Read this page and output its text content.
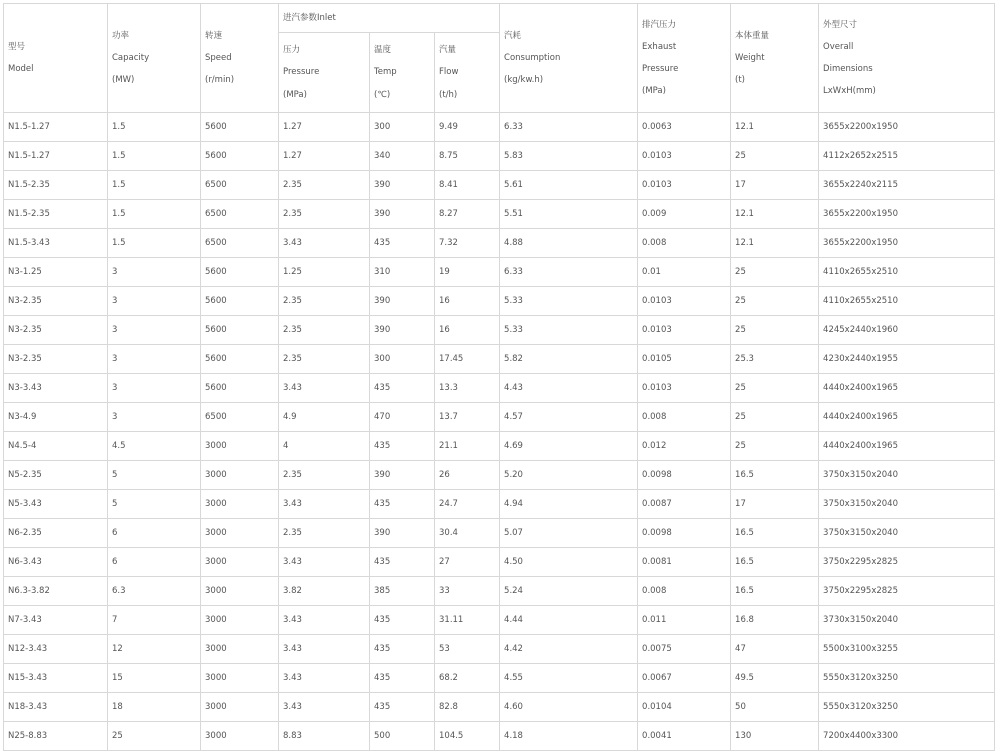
型号
Model	功率
Capacity
(MW)	转速
Speed
(r/min)	进汽参数Inlet			汽耗
Consumption
(kg/kw.h)	排汽压力
Exhaust
Pressure
(MPa)	本体重量
Weight
(t)	外型尺寸
Overall
Dimensions
LxWxH(mm)

			压力
Pressure
(MPa)	温度
Temp
(℃)	汽量
Flow
(t/h)				

N1.5-1.27	1.5	5600	1.27	300	9.49	6.33	0.0063	12.1	3655x2200x1950
N1.5-1.27	1.5	5600	1.27	340	8.75	5.83	0.0103	25	4112x2652x2515
N1.5-2.35	1.5	6500	2.35	390	8.41	5.61	0.0103	17	3655x2240x2115
N1.5-2.35	1.5	6500	2.35	390	8.27	5.51	0.009	12.1	3655x2200x1950
N1.5-3.43	1.5	6500	3.43	435	7.32	4.88	0.008	12.1	3655x2200x1950
N3-1.25	3	5600	1.25	310	19	6.33	0.01	25	4110x2655x2510
N3-2.35	3	5600	2.35	390	16	5.33	0.0103	25	4110x2655x2510
N3-2.35	3	5600	2.35	390	16	5.33	0.0103	25	4245x2440x1960
N3-2.35	3	5600	2.35	300	17.45	5.82	0.0105	25.3	4230x2440x1955
N3-3.43	3	5600	3.43	435	13.3	4.43	0.0103	25	4440x2400x1965
N3-4.9	3	6500	4.9	470	13.7	4.57	0.008	25	4440x2400x1965
N4.5-4	4.5	3000	4	435	21.1	4.69	0.012	25	4440x2400x1965
N5-2.35	5	3000	2.35	390	26	5.20	0.0098	16.5	3750x3150x2040
N5-3.43	5	3000	3.43	435	24.7	4.94	0.0087	17	3750x3150x2040
N6-2.35	6	3000	2.35	390	30.4	5.07	0.0098	16.5	3750x3150x2040
N6-3.43	6	3000	3.43	435	27	4.50	0.0081	16.5	3750x2295x2825
N6.3-3.82	6.3	3000	3.82	385	33	5.24	0.008	16.5	3750x2295x2825
N7-3.43	7	3000	3.43	435	31.11	4.44	0.011	16.8	3730x3150x2040
N12-3.43	12	3000	3.43	435	53	4.42	0.0075	47	5500x3100x3255
N15-3.43	15	3000	3.43	435	68.2	4.55	0.0067	49.5	5550x3120x3250
N18-3.43	18	3000	3.43	435	82.8	4.60	0.0104	50	5550x3120x3250
N25-8.83	25	3000	8.83	500	104.5	4.18	0.0041	130	7200x4400x3300
